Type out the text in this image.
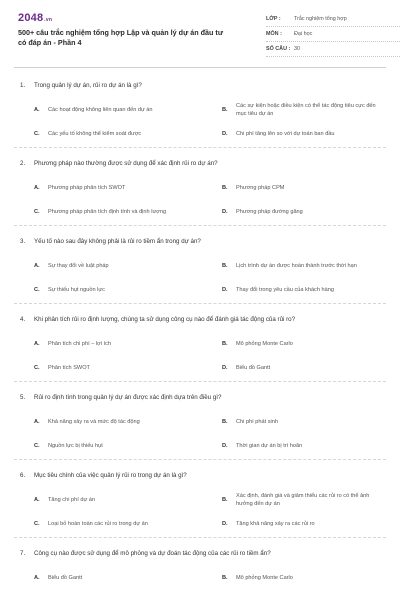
2048.vn
500+ câu trắc nghiệm tổng hợp Lập và quản lý dự án đầu tư có đáp án - Phần 4
LỚP :	Trắc nghiệm tổng hợp
MÔN :	Đại học
SỐ CÂU : 30
1.	Trong quản lý dự án, rủi ro dự án là gì?
A.	Các hoạt động không liên quan đến dự án	B.
Các sự kiện hoặc điều kiện có thể tác động tiêu cực đến mục tiêu dự án
C.	Các yếu tố không thể kiểm soát được	D.	Chi phí tăng lên so với dự toán ban đầu
2.	Phương pháp nào thường được sử dụng để xác định rủi ro dự án?
A.	Phương pháp phân tích SWOT	B.	Phương pháp CPM
C.	Phương pháp phân tích định tính và định lượng	D.	Phương pháp đường găng
3.	Yếu tố nào sau đây không phải là rủi ro tiềm ẩn trong dự án?
A.	Sự thay đổi về luật pháp	B.	Lịch trình dự án được hoàn thành trước thời hạn
C.	Sự thiếu hụt nguồn lực	D.	Thay đổi trong yêu cầu của khách hàng
4.	Khi phân tích rủi ro định lượng, chúng ta sử dụng công cụ nào để đánh giá tác động của rủi ro?
A.	Phân tích chi phí – lợi ích	B.	Mô phỏng Monte Carlo
C.	Phân tích SWOT	D.	Biểu đồ Gantt
5.	Rủi ro định tính trong quản lý dự án được xác định dựa trên điều gì?
A.	Khả năng xảy ra và mức độ tác động	B.	Chi phí phát sinh
C.	Nguồn lực bị thiếu hụt	D.	Thời gian dự án bị trì hoãn
6.	Mục tiêu chính của việc quản lý rủi ro trong dự án là gì?
A.	Tăng chi phí dự án	B.
Xác định, đánh giá và giảm thiểu các rủi ro có thể ảnh hưởng đến dự án
C.	Loại bỏ hoàn toàn các rủi ro trong dự án	D.	Tăng khả năng xảy ra các rủi ro
7.	Công cụ nào được sử dụng để mô phỏng và dự đoán tác động của các rủi ro tiềm ẩn?
A.	Biểu đồ Gantt	B.	Mô phỏng Monte Carlo
